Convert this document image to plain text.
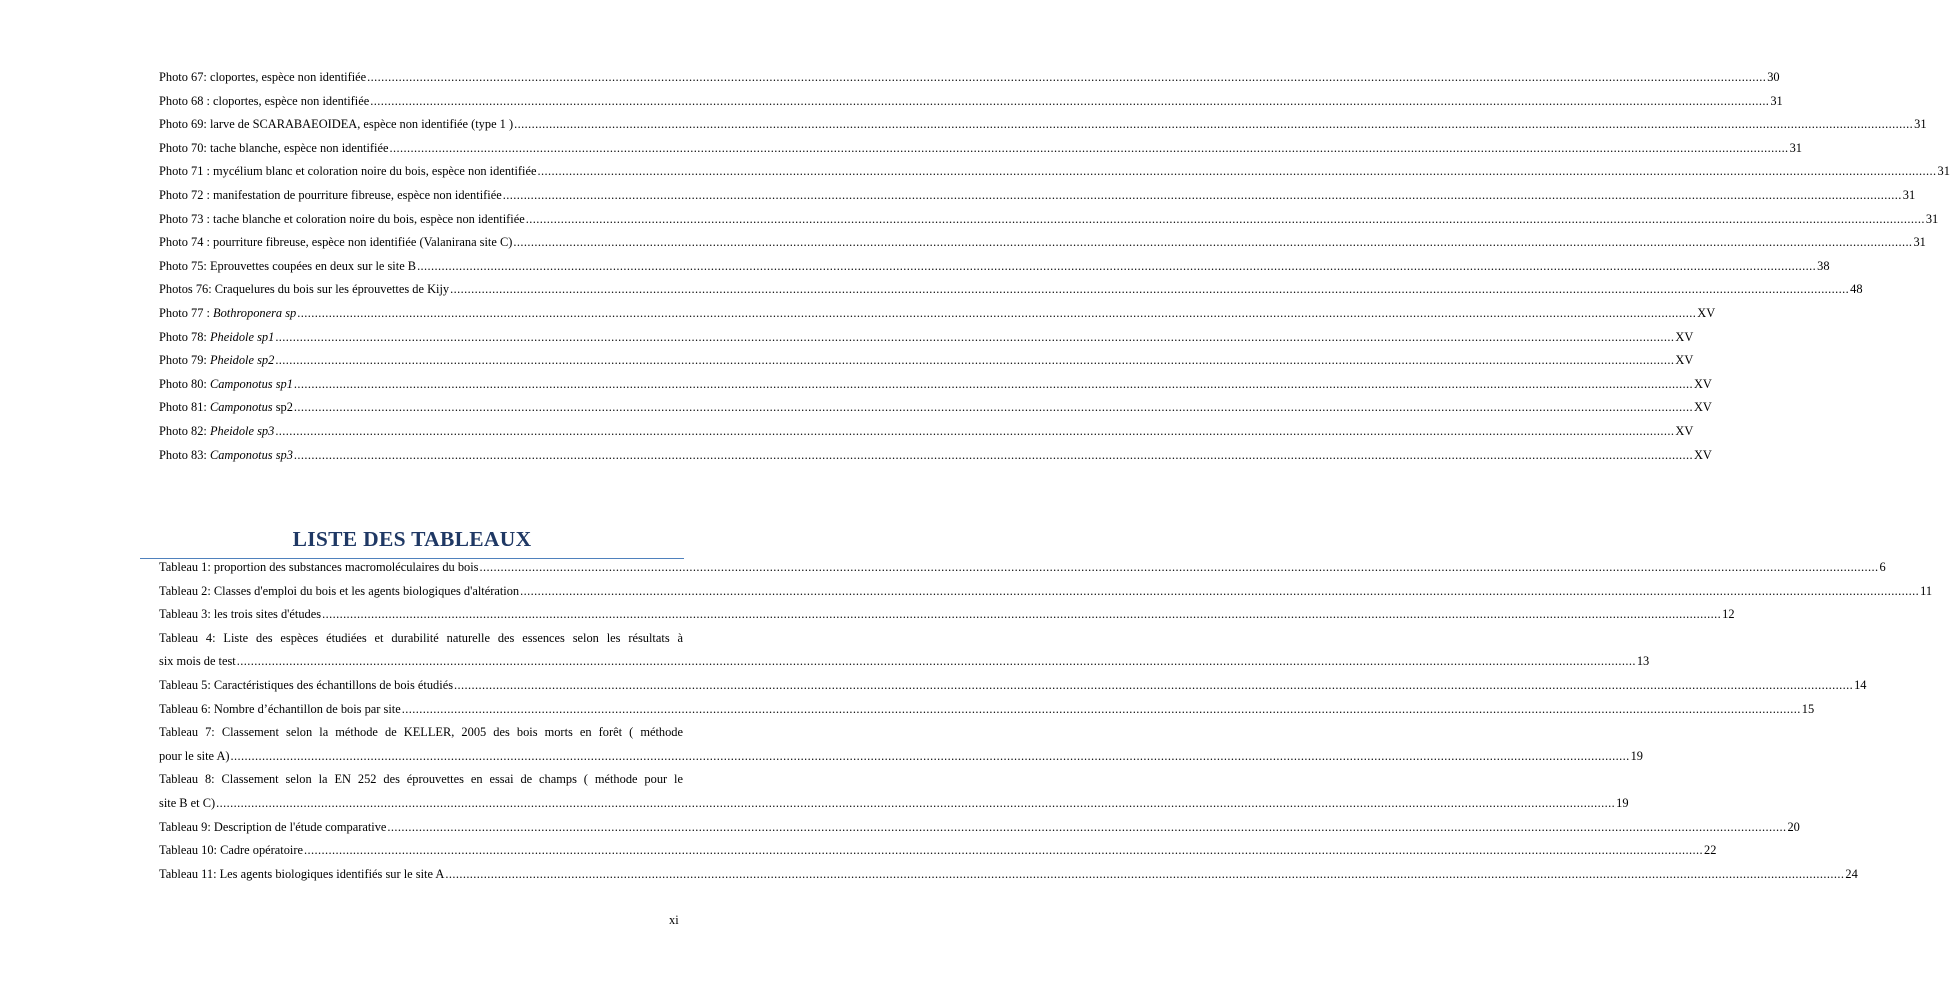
Photo 67: cloportes, espèce non identifiée ................................................................................................................................................................................................................................................................................................................................................................................................................ 30
Photo 68 : cloportes, espèce non identifiée ................................................................................................................................................................................................................................................................................................................................................................................................................ 31
Photo 69: larve de SCARABAEOIDEA, espèce non identifiée (type 1 ) ................................................................................................................................................................................................................................................................................................................................................................................................................ 31
Photo 70: tache blanche, espèce non identifiée ................................................................................................................................................................................................................................................................................................................................................................................................................ 31
Photo 71 : mycélium blanc et coloration noire du bois, espèce non identifiée ................................................................................................................................................................................................................................................................................................................................................................................................................ 31
Photo 72 : manifestation de pourriture fibreuse, espèce non identifiée ................................................................................................................................................................................................................................................................................................................................................................................................................ 31
Photo 73 : tache blanche et coloration noire du bois, espèce non identifiée ................................................................................................................................................................................................................................................................................................................................................................................................................ 31
Photo 74 : pourriture fibreuse, espèce non identifiée (Valanirana site C) ................................................................................................................................................................................................................................................................................................................................................................................................................ 31
Photo 75: Eprouvettes coupées en deux sur le site B ................................................................................................................................................................................................................................................................................................................................................................................................................ 38
Photos 76: Craquelures du bois sur les éprouvettes de Kijy ................................................................................................................................................................................................................................................................................................................................................................................................................ 48
Photo 77 : Bothroponera sp ................................................................................................................................................................................................................................................................................................................................................................................................................ XV
Photo 78: Pheidole sp1 ................................................................................................................................................................................................................................................................................................................................................................................................................ XV
Photo 79: Pheidole sp2 ................................................................................................................................................................................................................................................................................................................................................................................................................ XV
Photo 80: Camponotus sp1 ................................................................................................................................................................................................................................................................................................................................................................................................................ XV
Photo 81: Camponotus sp2 ................................................................................................................................................................................................................................................................................................................................................................................................................ XV
Photo 82: Pheidole sp3 ................................................................................................................................................................................................................................................................................................................................................................................................................ XV
Photo 83: Camponotus sp3 ................................................................................................................................................................................................................................................................................................................................................................................................................ XV
LISTE DES TABLEAUX
Tableau 1: proportion des substances macromoléculaires du bois ................................................................................................................................................................................................................................................................................................................................................................................................................ 6
Tableau 2: Classes d'emploi du bois et les agents biologiques d'altération ................................................................................................................................................................................................................................................................................................................................................................................................................ 11
Tableau 3: les trois sites d'études ................................................................................................................................................................................................................................................................................................................................................................................................................ 12
Tableau 4: Liste des espèces étudiées et durabilité naturelle des essences selon les résultats à
six mois de test ................................................................................................................................................................................................................................................................................................................................................................................................................ 13
Tableau 5: Caractéristiques des échantillons de bois étudiés ................................................................................................................................................................................................................................................................................................................................................................................................................ 14
Tableau 6: Nombre d’échantillon de bois par site ................................................................................................................................................................................................................................................................................................................................................................................................................ 15
Tableau 7: Classement selon la méthode de KELLER, 2005 des bois morts en forêt ( méthode
pour le site A) ................................................................................................................................................................................................................................................................................................................................................................................................................ 19
Tableau 8: Classement selon la EN 252 des éprouvettes en essai de champs ( méthode pour le
site B et C) ................................................................................................................................................................................................................................................................................................................................................................................................................ 19
Tableau 9: Description de l'étude comparative ................................................................................................................................................................................................................................................................................................................................................................................................................ 20
Tableau 10: Cadre opératoire ................................................................................................................................................................................................................................................................................................................................................................................................................ 22
Tableau 11: Les agents biologiques identifiés sur le site A ................................................................................................................................................................................................................................................................................................................................................................................................................ 24
xi
